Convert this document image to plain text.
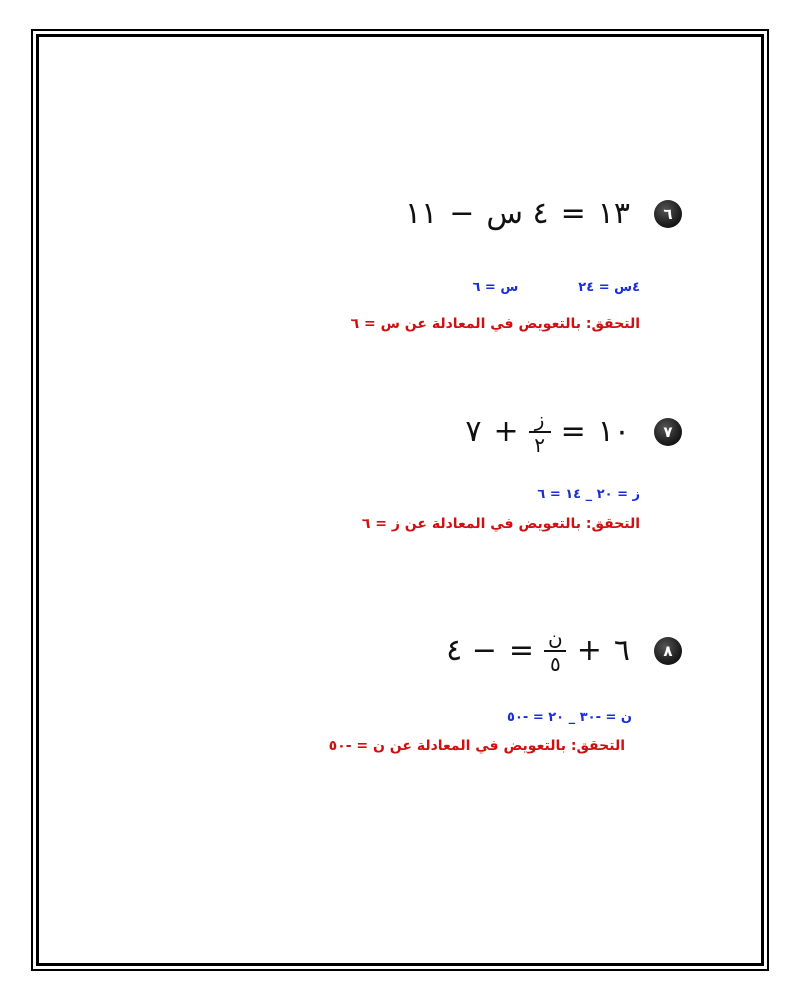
٦
١٣
=
٤ س
−
١١
٤س = ٢٤س = ٦
التحقق: بالتعويض في المعادلة عن س = ٦
٧
١٠
=
$\frac{\text{ز}}{٢}$
+
٧
ز = ٢٠ _ ١٤ = ٦
التحقق: بالتعويض في المعادلة عن ز = ٦
٨
٦
+
$\frac{\text{ن}}{٥}$
=
− ٤
ن = -٣٠ _ ٢٠ = -٥٠
التحقق: بالتعويض في المعادلة عن ن = -٥٠
